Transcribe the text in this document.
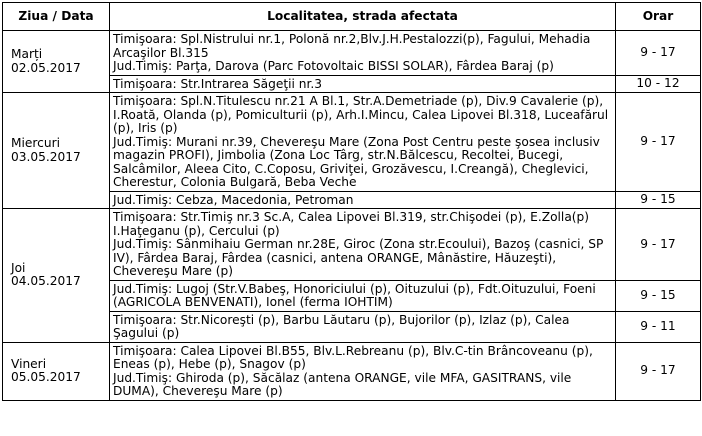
Ziua / Data	Localitatea, strada afectata	Orar

Marți
02.05.2017	Timişoara: Spl.Nistrului nr.1, Polonă nr.2,Blv.J.H.Pestalozzi(p), Fagului, Mehadia Arcaşilor Bl.315
Jud.Timiş: Parţa, Darova (Parc Fotovoltaic BISSI SOLAR), Fârdea Baraj (p)	9 - 17

	Timişoara: Str.Intrarea Săgeţii nr.3	10 - 12

Miercuri
03.05.2017	Timişoara: Spl.N.Titulescu nr.21 A Bl.1, Str.A.Demetriade (p), Div.9 Cavalerie (p), I.Roată, Olanda (p), Pomiculturii (p), Arh.I.Mincu, Calea Lipovei Bl.318, Luceafărul (p), Iris (p)
Jud.Timiş: Murani nr.39, Chevereşu Mare (Zona Post Centru peste şosea inclusiv
magazin PROFI), Jimbolia (Zona Loc Târg, str.N.Bălcescu, Recoltei, Bucegi, Salcâmilor, Aleea Cito, C.Coposu, Griviţei, Grozăvescu, I.Creangă), Cheglevici, Cherestur, Colonia Bulgară, Beba Veche	9 - 17

	Jud.Timiş: Cebza, Macedonia, Petroman	9 - 15

Joi
04.05.2017	Timişoara: Str.Timiş nr.3 Sc.A, Calea Lipovei Bl.319, str.Chişodei (p), E.Zolla(p) I.Haţeganu (p), Cercului (p)
Jud.Timiş: Sânmihaiu German nr.28E, Giroc (Zona str.Ecoului), Bazoş (casnici, SP IV), Fârdea Baraj, Fârdea (casnici, antena ORANGE, Mânăstire, Hăuzeşti), Chevereşu Mare (p)	9 - 17

	Jud.Timiş: Lugoj (Str.V.Babeş, Honoriciului (p), Oituzului (p), Fdt.Oituzului, Foeni (AGRICOLA BENVENATI), Ionel (ferma IOHTIM)	9 - 15

	Timişoara: Str.Nicoreşti (p), Barbu Lăutaru (p), Bujorilor (p), Izlaz (p), Calea Şagului (p)	9 - 11

Vineri
05.05.2017	Timişoara: Calea Lipovei Bl.B55, Blv.L.Rebreanu (p), Blv.C-tin Brâncoveanu (p), Eneas (p), Hebe (p), Snagov (p)
Jud.Timiş: Ghiroda (p), Săcălaz (antena ORANGE, vile MFA, GASITRANS, vile DUMA), Chevereşu Mare (p)	9 - 17
